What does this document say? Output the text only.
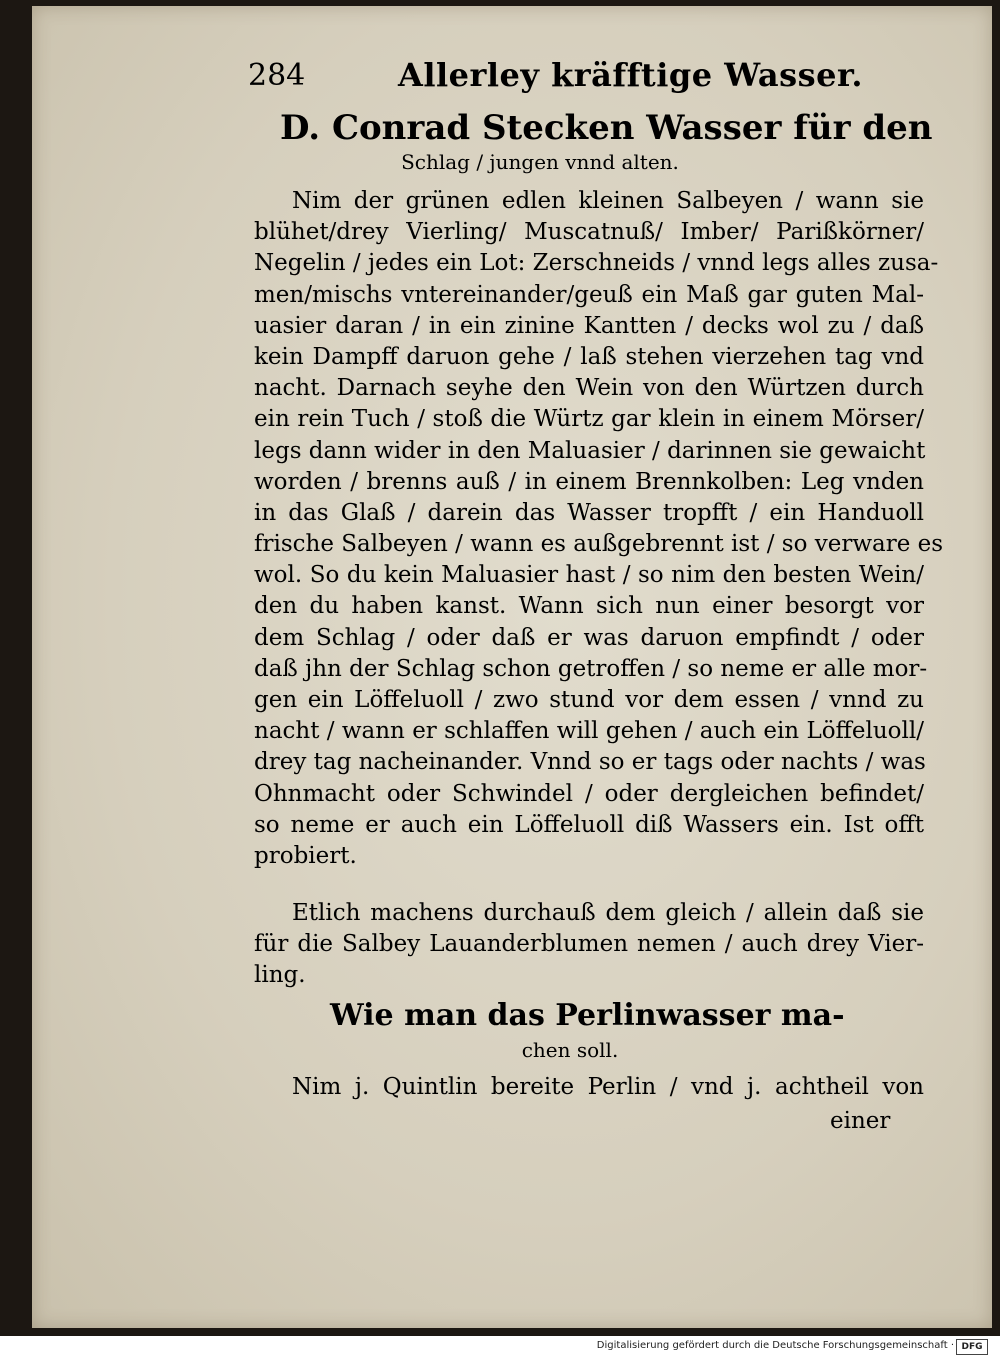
284	Allerley kräfftige Wasser.
D. Conrad Stecken Wasser für den
Schlag / jungen vnnd alten.
Nim der grünen edlen kleinen Salbeyen / wann sie
blühet/drey Vierling/ Muscatnuß/ Imber/ Parißkörner/
Negelin / jedes ein Lot: Zerschneids / vnnd legs alles zusa-
men/mischs vntereinander/geuß ein Maß gar guten Mal-
uasier daran / in ein zinine Kantten / decks wol zu / daß
kein Dampff daruon gehe / laß stehen vierzehen tag vnd
nacht. Darnach seyhe den Wein von den Würtzen durch
ein rein Tuch / stoß die Würtz gar klein in einem Mörser/
legs dann wider in den Maluasier / darinnen sie gewaicht
worden / brenns auß / in einem Brennkolben: Leg vnden
in das Glaß / darein das Wasser tropfft / ein Handuoll
frische Salbeyen / wann es außgebrennt ist / so verware es
wol. So du kein Maluasier hast / so nim den besten Wein/
den du haben kanst. Wann sich nun einer besorgt vor
dem Schlag / oder daß er was daruon empfindt / oder
daß jhn der Schlag schon getroffen / so neme er alle mor-
gen ein Löffeluoll / zwo stund vor dem essen / vnnd zu
nacht / wann er schlaffen will gehen / auch ein Löffeluoll/
drey tag nacheinander. Vnnd so er tags oder nachts / was
Ohnmacht oder Schwindel / oder dergleichen befindet/
so neme er auch ein Löffeluoll diß Wassers ein. Ist offt
probiert.
Etlich machens durchauß dem gleich / allein daß sie
für die Salbey Lauanderblumen nemen / auch drey Vier-
ling.
Wie man das Perlinwasser ma-
chen soll.
Nim j. Quintlin bereite Perlin / vnd j. achtheil von
einer
Digitalisierung gefördert durch die Deutsche Forschungsgemeinschaft · DFG
